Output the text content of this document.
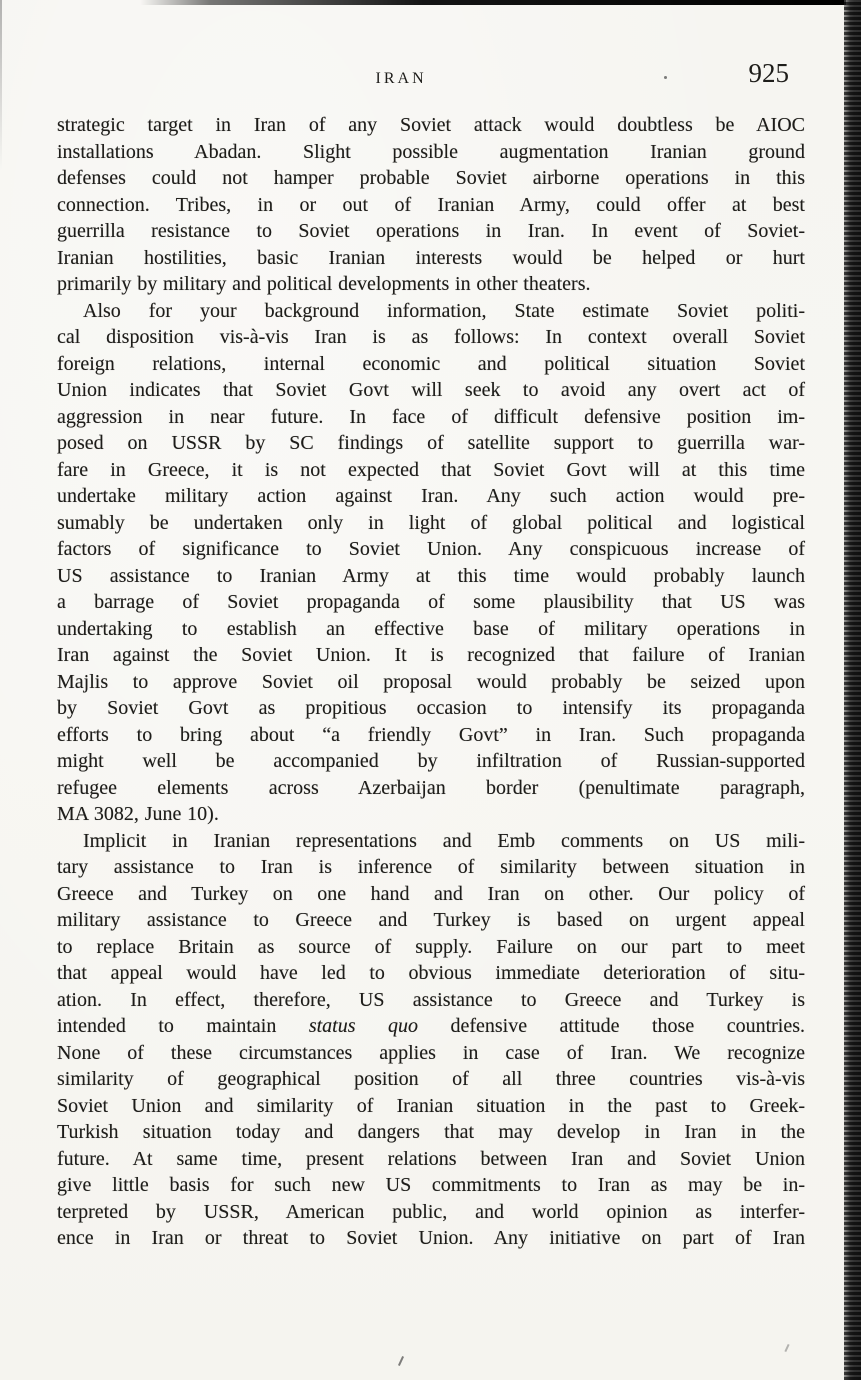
IRAN	925
strategic target in Iran of any Soviet attack would doubtless be AIOC
installations Abadan. Slight possible augmentation Iranian ground
defenses could not hamper probable Soviet airborne operations in this
connection. Tribes, in or out of Iranian Army, could offer at best
guerrilla resistance to Soviet operations in Iran. In event of Soviet-
Iranian hostilities, basic Iranian interests would be helped or hurt
primarily by military and political developments in other theaters.
Also for your background information, State estimate Soviet politi-
cal disposition vis-à-vis Iran is as follows: In context overall Soviet
foreign relations, internal economic and political situation Soviet
Union indicates that Soviet Govt will seek to avoid any overt act of
aggression in near future. In face of difficult defensive position im-
posed on USSR by SC findings of satellite support to guerrilla war-
fare in Greece, it is not expected that Soviet Govt will at this time
undertake military action against Iran. Any such action would pre-
sumably be undertaken only in light of global political and logistical
factors of significance to Soviet Union. Any conspicuous increase of
US assistance to Iranian Army at this time would probably launch
a barrage of Soviet propaganda of some plausibility that US was
undertaking to establish an effective base of military operations in
Iran against the Soviet Union. It is recognized that failure of Iranian
Majlis to approve Soviet oil proposal would probably be seized upon
by Soviet Govt as propitious occasion to intensify its propaganda
efforts to bring about “a friendly Govt” in Iran. Such propaganda
might well be accompanied by infiltration of Russian-supported
refugee elements across Azerbaijan border (penultimate paragraph,
MA 3082, June 10).
Implicit in Iranian representations and Emb comments on US mili-
tary assistance to Iran is inference of similarity between situation in
Greece and Turkey on one hand and Iran on other. Our policy of
military assistance to Greece and Turkey is based on urgent appeal
to replace Britain as source of supply. Failure on our part to meet
that appeal would have led to obvious immediate deterioration of situ-
ation. In effect, therefore, US assistance to Greece and Turkey is
intended to maintain status quo defensive attitude those countries.
None of these circumstances applies in case of Iran. We recognize
similarity of geographical position of all three countries vis-à-vis
Soviet Union and similarity of Iranian situation in the past to Greek-
Turkish situation today and dangers that may develop in Iran in the
future. At same time, present relations between Iran and Soviet Union
give little basis for such new US commitments to Iran as may be in-
terpreted by USSR, American public, and world opinion as interfer-
ence in Iran or threat to Soviet Union. Any initiative on part of Iran
